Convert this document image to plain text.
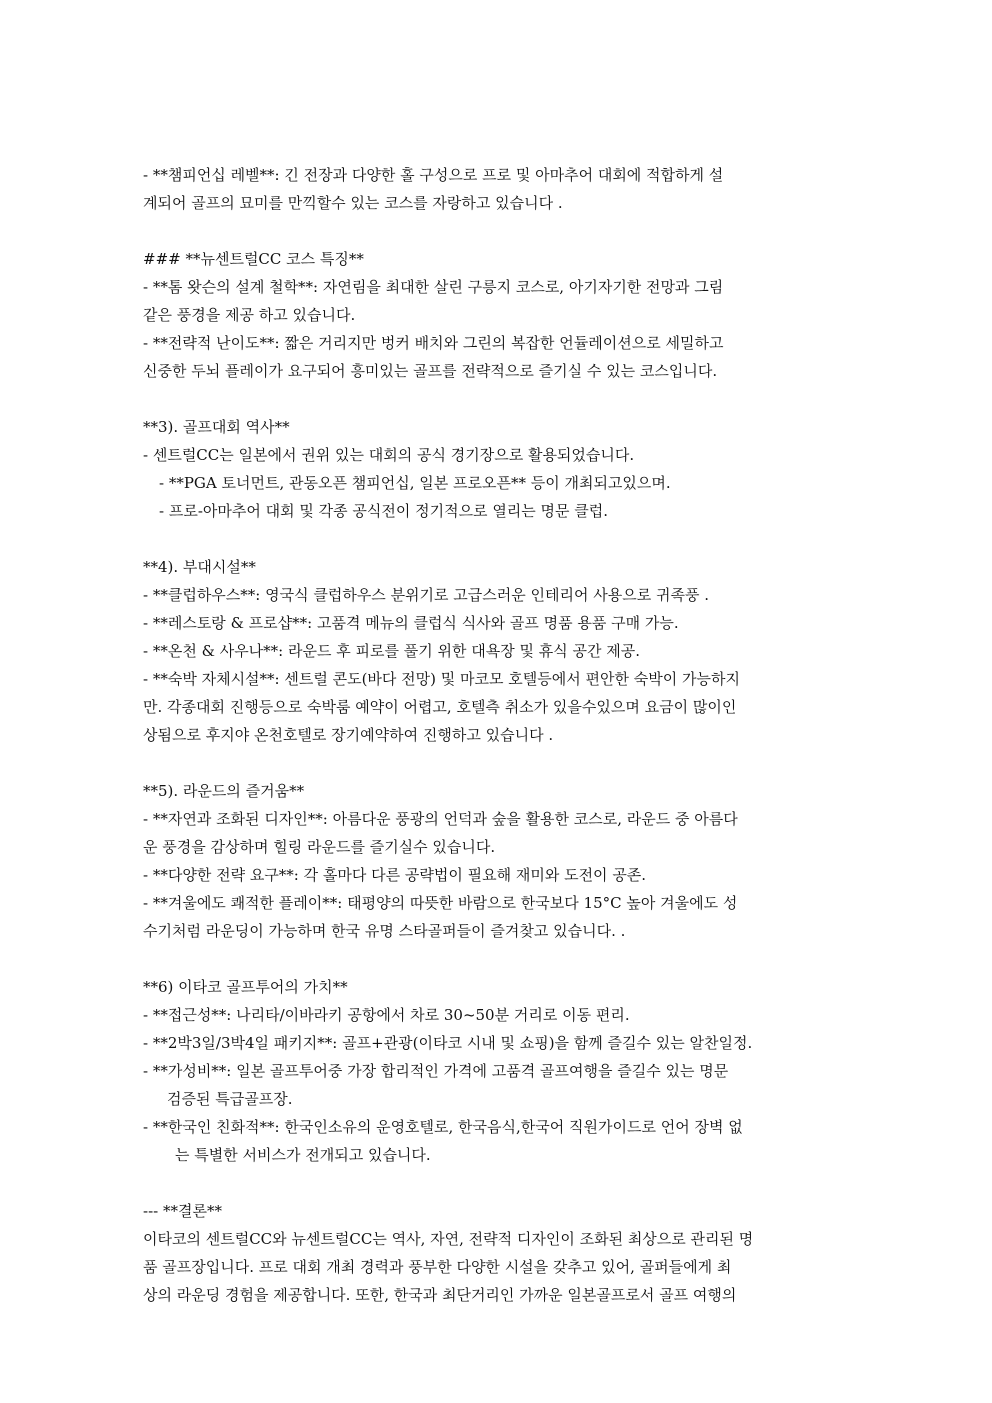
- **챔피언십 레벨**: 긴 전장과 다양한 홀 구성으로 프로 및 아마추어 대회에 적합하게 설
계되어 골프의 묘미를 만끽할수 있는 코스를 자랑하고 있습니다 .
### **뉴센트럴CC 코스 특징**
- **톰 왓슨의 설계 철학**: 자연림을 최대한 살린 구릉지 코스로, 아기자기한 전망과 그림
같은 풍경을 제공 하고 있습니다.
- **전략적 난이도**: 짧은 거리지만 벙커 배치와 그린의 복잡한 언듈레이션으로 세밀하고
신중한 두뇌 플레이가 요구되어 흥미있는 골프를 전략적으로 즐기실 수 있는 코스입니다.
**3). 골프대회 역사**
- 센트럴CC는 일본에서 권위 있는 대회의 공식 경기장으로 활용되었습니다.
- **PGA 토너먼트, 관동오픈 챔피언십, 일본 프로오픈** 등이 개최되고있으며.
- 프로-아마추어 대회 및 각종 공식전이 정기적으로 열리는 명문 클럽.
**4). 부대시설**
- **클럽하우스**: 영국식 클럽하우스 분위기로 고급스러운 인테리어 사용으로 귀족풍 .
- **레스토랑 & 프로샵**: 고품격 메뉴의 클럽식 식사와 골프 명품 용품 구매 가능.
- **온천 & 사우나**: 라운드 후 피로를 풀기 위한 대욕장 및 휴식 공간 제공.
- **숙박 자체시설**: 센트럴 콘도(바다 전망) 및 마코모 호텔등에서 편안한 숙박이 가능하지
만. 각종대회 진행등으로 숙박룸 예약이 어렵고, 호텔측 취소가 있을수있으며 요금이 많이인
상됨으로 후지야 온천호텔로 장기예약하여 진행하고 있습니다 .
**5). 라운드의 즐거움**
- **자연과 조화된 디자인**: 아름다운 풍광의 언덕과 숲을 활용한 코스로, 라운드 중 아름다
운 풍경을 감상하며 힐링 라운드를 즐기실수 있습니다.
- **다양한 전략 요구**: 각 홀마다 다른 공략법이 필요해 재미와 도전이 공존.
- **겨울에도 쾌적한 플레이**: 태평양의 따뜻한 바람으로 한국보다 15°C 높아 겨울에도 성
수기처럼 라운딩이 가능하며 한국 유명 스타골퍼들이 즐겨찾고 있습니다. .
**6) 이타코 골프투어의 가치**
- **접근성**: 나리타/이바라키 공항에서 차로 30~50분 거리로 이동 편리.
- **2박3일/3박4일 패키지**: 골프+관광(이타코 시내 및 쇼핑)을 함께 즐길수 있는 알찬일정.
- **가성비**: 일본 골프투어중 가장 합리적인 가격에 고품격 골프여행을 즐길수 있는 명문
검증된 특급골프장.
- **한국인 친화적**: 한국인소유의 운영호텔로, 한국음식,한국어 직원가이드로 언어 장벽 없
는 특별한 서비스가 전개되고 있습니다.
--- **결론**
이타코의 센트럴CC와 뉴센트럴CC는 역사, 자연, 전략적 디자인이 조화된 최상으로 관리된 명
품 골프장입니다. 프로 대회 개최 경력과 풍부한 다양한 시설을 갖추고 있어, 골퍼들에게 최
상의 라운딩 경험을 제공합니다. 또한, 한국과 최단거리인 가까운 일본골프로서 골프 여행의
